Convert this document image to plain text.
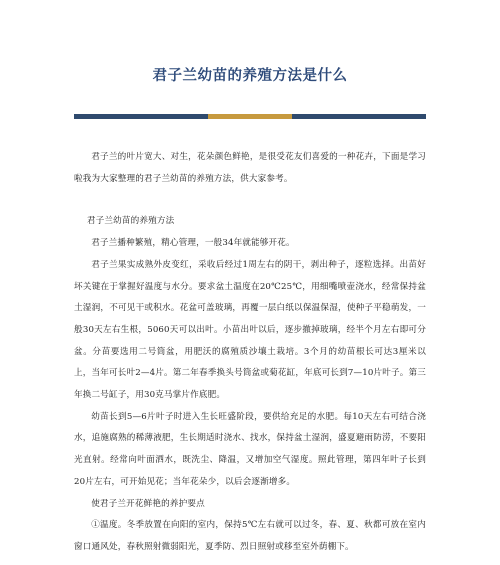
君子兰幼苗的养殖方法是什么

君子兰的叶片宽大、对生，花朵颜色鲜艳，是很受花友们喜爱的一种花卉，下面是学习啦我为大家整理的君子兰幼苗的养殖方法，供大家参考。

君子兰幼苗的养殖方法

君子兰播种繁殖，精心管理，一般34年就能够开花。

君子兰果实成熟外皮变红，采收后经过1周左右的阴干，剥出种子，逐粒选择。出苗好坏关键在于掌握好温度与水分。要求盆土温度在20℃25℃，用细嘴喷壶浇水，经常保持盆土湿润，不可见干或积水。花盆可盖玻璃，再覆一层白纸以保温保湿，使种子平稳萌发，一般30天左右生根，5060天可以出叶。小苗出叶以后，逐步撤掉玻璃，经半个月左右即可分盆。分苗要选用二号筒盆，用肥沃的腐殖质沙壤土栽培。3个月的幼苗根长可达3厘米以上，当年可长叶2—4片。第二年春季换头号筒盆或菊花缸，年底可长到7—10片叶子。第三年换二号缸子，用30克马掌片作底肥。

幼苗长到5—6片叶子时进入生长旺盛阶段，要供给充足的水肥。每10天左右可结合浇水，追施腐熟的稀薄液肥，生长期适时浇水、找水，保持盆土湿润，盛夏避雨防涝，不要阳光直射。经常向叶面洒水，既洗尘、降温，又增加空气湿度。照此管理，第四年叶子长到20片左右，可开始见花；当年花朵少，以后会逐渐增多。

使君子兰开花鲜艳的养护要点

①温度。冬季放置在向阳的室内，保持5℃左右就可以过冬，春、夏、秋都可放在室内窗口通风处，春秋照射微弱阳光，夏季防、烈日照射或移至室外荫棚下。
